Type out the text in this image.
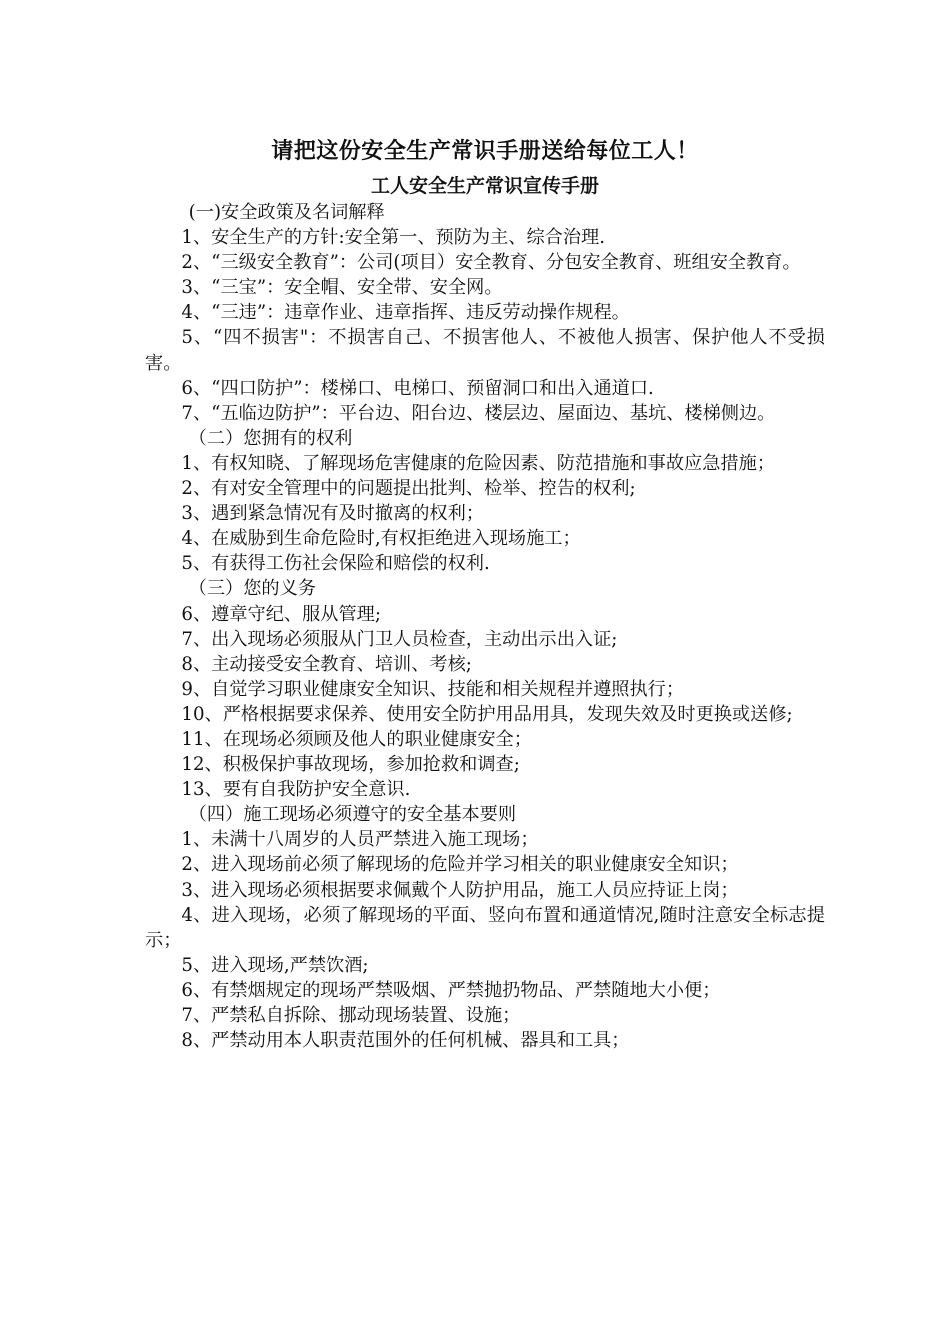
请把这份安全生产常识手册送给每位工人！
工人安全生产常识宣传手册

(一)安全政策及名词解释

1、安全生产的方针:安全第一、预防为主、综合治理.

2、“三级安全教育”：公司(项目）安全教育、分包安全教育、班组安全教育。

3、“三宝”：安全帽、安全带、安全网。

4、“三违”：违章作业、违章指挥、违反劳动操作规程。

5、“四不损害"：不损害自己、不损害他人、不被他人损害、保护他人不受损害。

6、“四口防护”：楼梯口、电梯口、预留洞口和出入通道口.

7、“五临边防护”：平台边、阳台边、楼层边、屋面边、基坑、楼梯侧边。

（二）您拥有的权利

1、有权知晓、了解现场危害健康的危险因素、防范措施和事故应急措施；

2、有对安全管理中的问题提出批判、检举、控告的权利;

3、遇到紧急情况有及时撤离的权利；

4、在威胁到生命危险时,有权拒绝进入现场施工；

5、有获得工伤社会保险和赔偿的权利.

（三）您的义务

6、遵章守纪、服从管理;

7、出入现场必须服从门卫人员检查，主动出示出入证;

8、主动接受安全教育、培训、考核;

9、自觉学习职业健康安全知识、技能和相关规程并遵照执行；

10、严格根据要求保养、使用安全防护用品用具，发现失效及时更换或送修;

11、在现场必须顾及他人的职业健康安全；

12、积极保护事故现场，参加抢救和调查;

13、要有自我防护安全意识.

（四）施工现场必须遵守的安全基本要则

1、未满十八周岁的人员严禁进入施工现场；

2、进入现场前必须了解现场的危险并学习相关的职业健康安全知识；

3、进入现场必须根据要求佩戴个人防护用品，施工人员应持证上岗；

4、进入现场，必须了解现场的平面、竖向布置和通道情况,随时注意安全标志提示；

5、进入现场,严禁饮酒;

6、有禁烟规定的现场严禁吸烟、严禁抛扔物品、严禁随地大小便；

7、严禁私自拆除、挪动现场装置、设施；

8、严禁动用本人职责范围外的任何机械、器具和工具；
